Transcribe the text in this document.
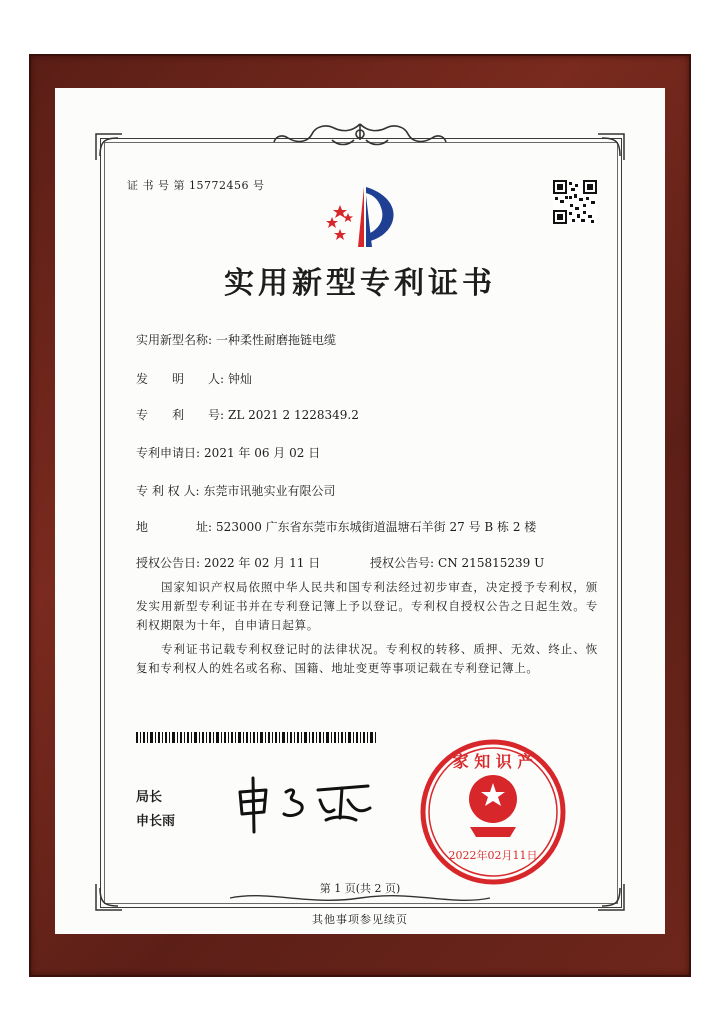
证 书 号 第 15772456 号
实用新型专利证书
实用新型名称: 一种柔性耐磨拖链电缆
发　　明　　人: 钟灿
专　　利　　号: ZL 2021 2 1228349.2
专利申请日: 2021 年 06 月 02 日
专 利 权 人: 东莞市讯驰实业有限公司
地　　　　址: 523000 广东省东莞市东城街道温塘石羊街 27 号 B 栋 2 楼
授权公告日: 2022 年 02 月 11 日	授权公告号: CN 215815239 U
　　国家知识产权局依照中华人民共和国专利法经过初步审查，决定授予专利权，颁发实用新型专利证书并在专利登记簿上予以登记。专利权自授权公告之日起生效。专利权期限为十年，自申请日起算。
　　专利证书记载专利权登记时的法律状况。专利权的转移、质押、无效、终止、恢复和专利权人的姓名或名称、国籍、地址变更等事项记载在专利登记簿上。
局长
申长雨
家 知 识 产
2022年02月11日
第 1 页(共 2 页)
其他事项参见续页
